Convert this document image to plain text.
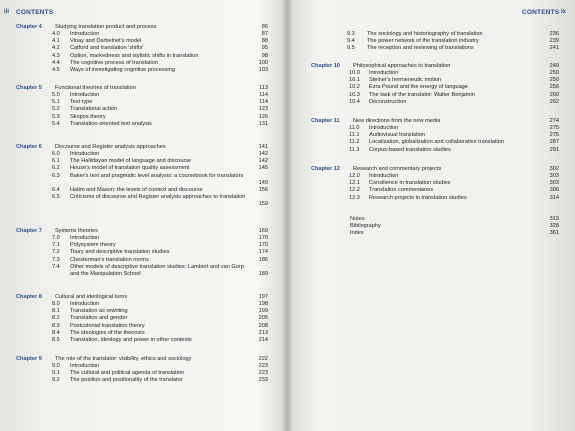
iii CONTENTS
Chapter 4 Studying translation product and process	86
4.0 Introduction	87
4.1 Vinay and Darbelnet's model	88
4.2 Catford and translation 'shifts'	95
4.3 Option, markedness and stylistic shifts in translation	98
4.4 The cognitive process of translation	100
4.5 Ways of investigating cognitive processing	103
Chapter 5 Functional theories of translation	113
5.0 Introduction	114
5.1 Text type	114
5.2 Translatorial action	123
5.3 Skopos theory	126
5.4 Translation-oriented text analysis	131
Chapter 6 Discourse and Register analysis approaches	141
6.0 Introduction	142
6.1 The Hallidayan model of language and discourse	142
6.2 House's model of translation quality assessment	145
6.3 Baker's text and pragmatic level analysis: a coursebook for translators
149
6.4 Hatim and Mason: the levels of context and discourse	156
6.5 Criticisms of discourse and Register analysis approaches to translation
159
Chapter 7 Systems theories	169
7.0 Introduction	170
7.1 Polysystem theory	170
7.2 Toury and descriptive translation studies	174
7.3 Chesterman's translation norms	186
7.4 Other models of descriptive translation studies: Lambert and van Gorp and the Manipulation School	189
Chapter 8 Cultural and ideological turns	197
8.0 Introduction	198
8.1 Translation as rewriting	199
8.2 Translation and gender	205
8.3 Postcolonial translation theory	208
8.4 The ideologies of the theorists	213
8.5 Translation, ideology and power in other contexts	214
Chapter 9 The role of the translator: visibility, ethics and sociology	222
9.0 Introduction	223
9.1 The cultural and political agenda of translation	223
9.2 The position and positionality of the translator	233
CONTENTS ix
9.3 The sociology and historiography of translation	236
9.4 The power network of the translation industry	239
9.5 The reception and reviewing of translations	241
Chapter 10 Philosophical approaches to translation	249
10.0 Introduction	250
10.1 Steiner's hermeneutic motion	250
10.2 Ezra Pound and the energy of language	256
10.3 The task of the translator: Walter Benjamin	260
10.4 Deconstruction	262
Chapter 11 New directions from the new media	274
11.0 Introduction	275
11.1 Audiovisual translation	275
11.2 Localization, globalization and collaborative translation	287
11.3 Corpus-based translation studies	291
Chapter 12 Research and commentary projects	302
12.0 Introduction	303
12.1 Consilience in translation studies	303
12.2 Translation commentaries	306
12.3 Research projects in translation studies	314
Notes	319
Bibliography	328
Index	361
